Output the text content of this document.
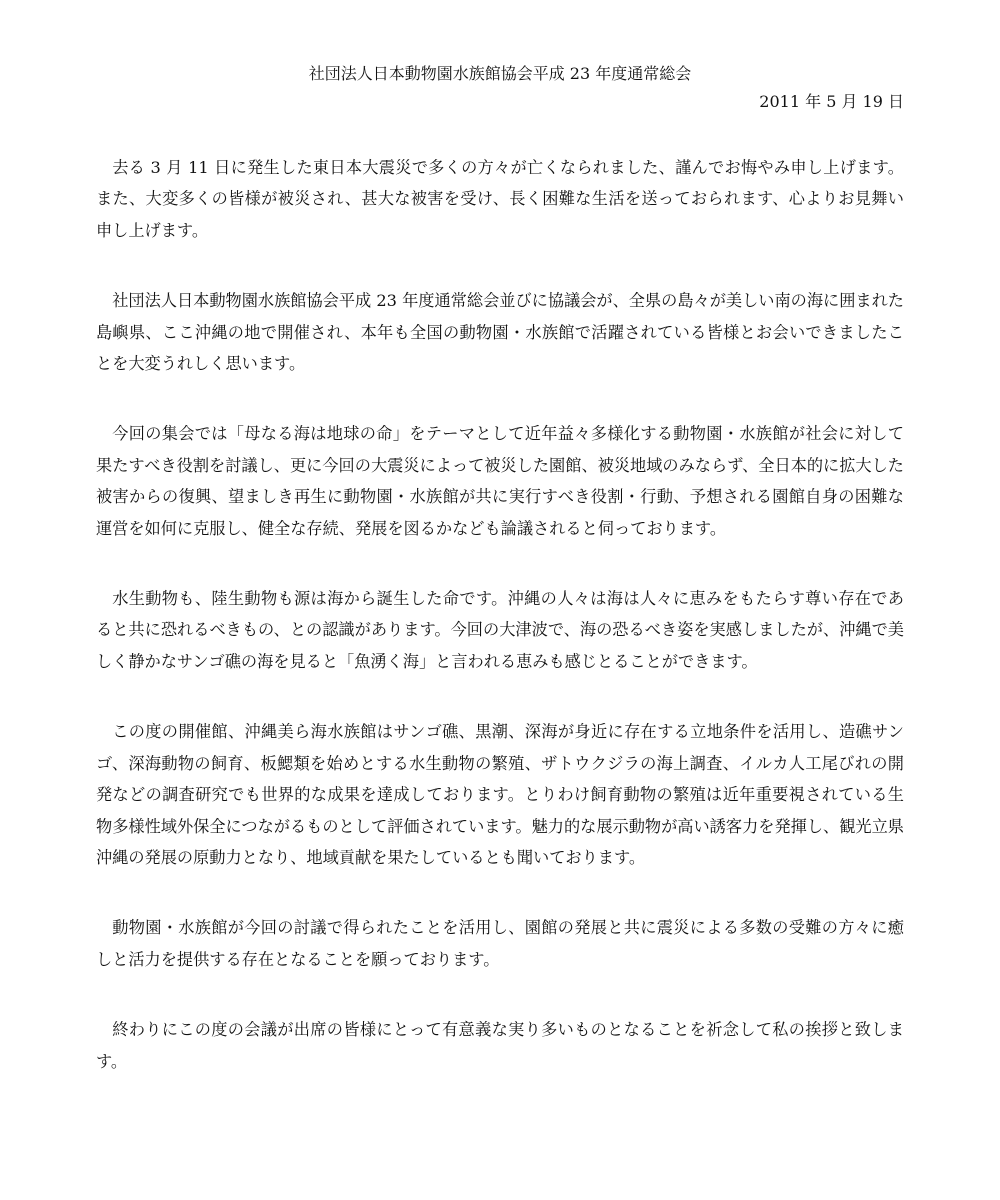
社団法人日本動物園水族館協会平成 23 年度通常総会

2011 年 5 月 19 日

去る 3 月 11 日に発生した東日本大震災で多くの方々が亡くなられました、謹んでお悔やみ申し上げます。また、大変多くの皆様が被災され、甚大な被害を受け、長く困難な生活を送っておられます、心よりお見舞い申し上げます。

社団法人日本動物園水族館協会平成 23 年度通常総会並びに協議会が、全県の島々が美しい南の海に囲まれた島嶼県、ここ沖縄の地で開催され、本年も全国の動物園・水族館で活躍されている皆様とお会いできましたことを大変うれしく思います。

今回の集会では「母なる海は地球の命」をテーマとして近年益々多様化する動物園・水族館が社会に対して果たすべき役割を討議し、更に今回の大震災によって被災した園館、被災地域のみならず、全日本的に拡大した被害からの復興、望ましき再生に動物園・水族館が共に実行すべき役割・行動、予想される園館自身の困難な運営を如何に克服し、健全な存続、発展を図るかなども論議されると伺っております。

水生動物も、陸生動物も源は海から誕生した命です。沖縄の人々は海は人々に恵みをもたらす尊い存在であると共に恐れるべきもの、との認識があります。今回の大津波で、海の恐るべき姿を実感しましたが、沖縄で美しく静かなサンゴ礁の海を見ると「魚湧く海」と言われる恵みも感じとることができます。

この度の開催館、沖縄美ら海水族館はサンゴ礁、黒潮、深海が身近に存在する立地条件を活用し、造礁サンゴ、深海動物の飼育、板鰓類を始めとする水生動物の繁殖、ザトウクジラの海上調査、イルカ人工尾びれの開発などの調査研究でも世界的な成果を達成しております。とりわけ飼育動物の繁殖は近年重要視されている生物多様性域外保全につながるものとして評価されています。魅力的な展示動物が高い誘客力を発揮し、観光立県沖縄の発展の原動力となり、地域貢献を果たしているとも聞いております。

動物園・水族館が今回の討議で得られたことを活用し、園館の発展と共に震災による多数の受難の方々に癒しと活力を提供する存在となることを願っております。

終わりにこの度の会議が出席の皆様にとって有意義な実り多いものとなることを祈念して私の挨拶と致します。
